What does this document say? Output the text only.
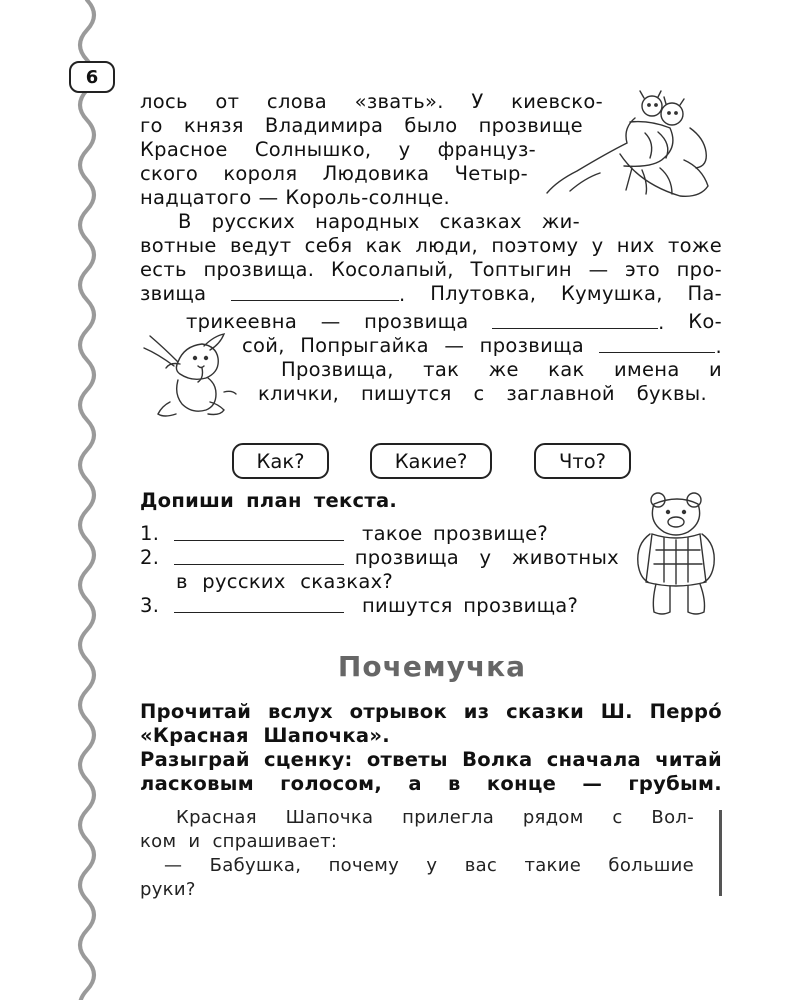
6
лось от слова «звать». У киевско-
го князя Владимира было прозвище
Красное Солнышко, у француз-
ского короля Людовика Четыр-
надцатого — Король-солнце.
В русских народных сказках жи-
вотные ведут себя как люди, поэтому у них тоже
есть прозвища. Косолапый, Топтыгин — это про-
звища	. Плутовка, Кумушка, Па-
трикеевна — прозвища	. Ко-
сой, Попрыгайка — прозвища	.
Прозвища, так же как имена и
клички, пишутся с заглавной буквы.
Как?	Какие?	Что?
Допиши план текста.
1.	такое прозвище?
2.	прозвища у животных
в русских сказках?
3.	пишутся прозвища?
Почемучка
Прочитай вслух отрывок из сказки Ш. Перро́
«Красная Шапочка».
Разыграй сценку: ответы Волка сначала читай
ласковым голосом, а в конце — грубым.
Красная Шапочка прилегла рядом с Вол-
ком  и  спрашивает:
— Бабушка, почему у вас такие большие
руки?
